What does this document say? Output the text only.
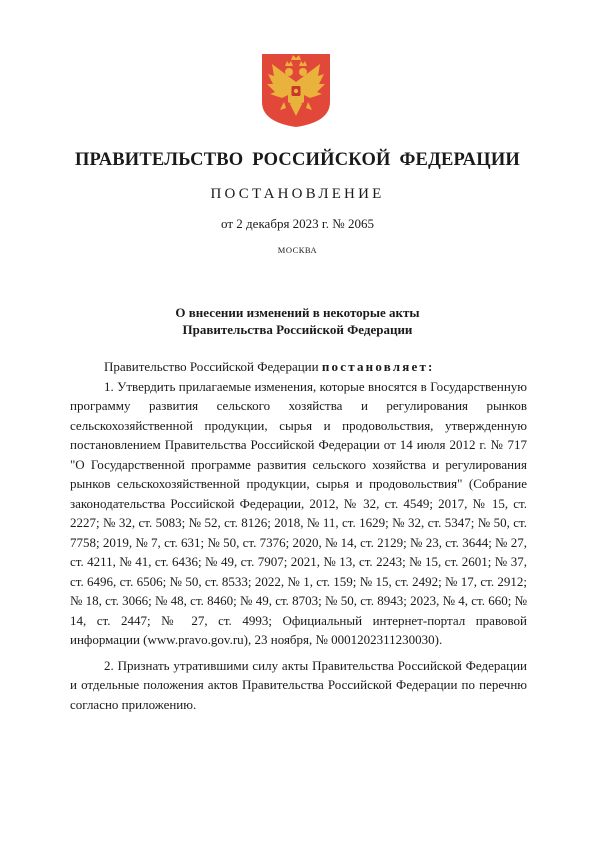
ПРАВИТЕЛЬСТВО РОССИЙСКОЙ ФЕДЕРАЦИИ
ПОСТАНОВЛЕНИЕ
от 2 декабря 2023 г. № 2065
МОСКВА
О внесении изменений в некоторые акты
Правительства Российской Федерации

Правительство Российской Федерации постановляет:

1. Утвердить прилагаемые изменения, которые вносятся в Государственную программу развития сельского хозяйства и регулирования рынков сельскохозяйственной продукции, сырья и продовольствия, утвержденную постановлением Правительства Российской Федерации от 14 июля 2012 г. № 717 "О Государственной программе развития сельского хозяйства и регулирования рынков сельскохозяйственной продукции, сырья и продовольствия" (Собрание законодательства Российской Федерации, 2012, № 32, ст. 4549; 2017, № 15, ст. 2227; № 32, ст. 5083; № 52, ст. 8126; 2018, № 11, ст. 1629; № 32, ст. 5347; № 50, ст. 7758; 2019, № 7, ст. 631; № 50, ст. 7376; 2020, № 14, ст. 2129; № 23, ст. 3644; № 27, ст. 4211, № 41, ст. 6436; № 49, ст. 7907; 2021, № 13, ст. 2243; № 15, ст. 2601; № 37, ст. 6496, ст. 6506; № 50, ст. 8533; 2022, № 1, ст. 159; № 15, ст. 2492; № 17, ст. 2912; № 18, ст. 3066; № 48, ст. 8460; № 49, ст. 8703; № 50, ст. 8943; 2023, № 4, ст. 660; № 14, ст. 2447; № 27, ст. 4993; Официальный интернет-портал правовой информации (www.pravo.gov.ru), 23 ноября, № 0001202311230030).

2. Признать утратившими силу акты Правительства Российской Федерации и отдельные положения актов Правительства Российской Федерации по перечню согласно приложению.
